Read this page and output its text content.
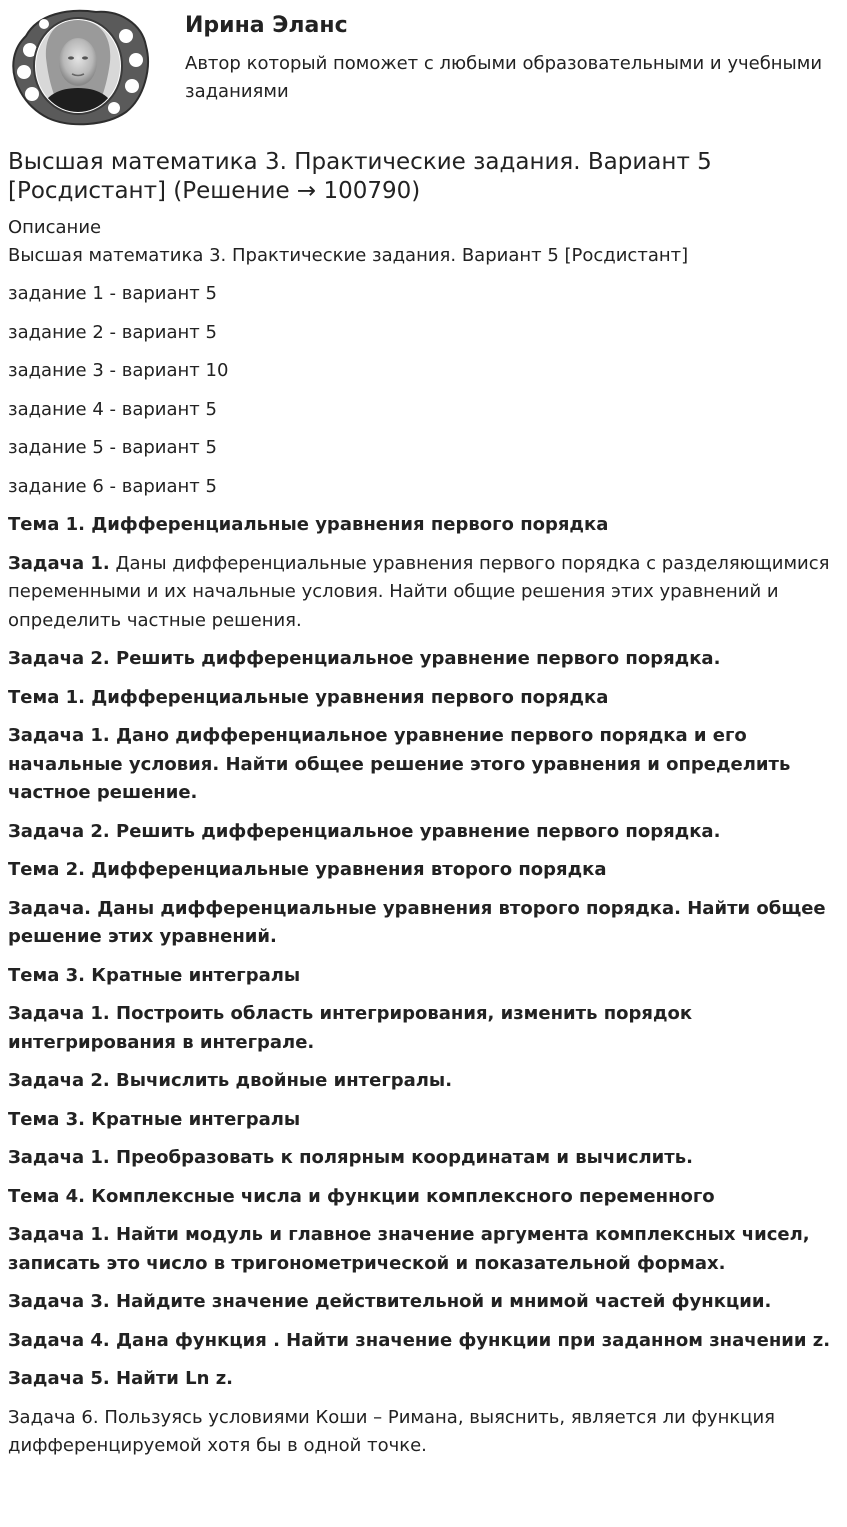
Ирина Эланс
Автор который поможет с любыми образовательными и учебными заданиями
Высшая математика 3. Практические задания. Вариант 5 [Росдистант] (Решение → 100790)
Описание
Высшая математика 3. Практические задания. Вариант 5 [Росдистант]

задание 1 - вариант 5

задание 2 - вариант 5

задание 3 - вариант 10

задание 4 - вариант 5

задание 5 - вариант 5

задание 6 - вариант 5

Тема 1. Дифференциальные уравнения первого порядка

Задача 1. Даны дифференциальные уравнения первого порядка с разделяющимися переменными и их начальные условия. Найти общие решения этих уравнений и определить частные решения.

Задача 2. Решить дифференциальное уравнение первого порядка.

Тема 1. Дифференциальные уравнения первого порядка

Задача 1. Дано дифференциальное уравнение первого порядка и его начальные условия. Найти общее решение этого уравнения и определить частное решение.

Задача 2. Решить дифференциальное уравнение первого порядка.

Тема 2. Дифференциальные уравнения второго порядка

Задача. Даны дифференциальные уравнения второго порядка. Найти общее решение этих уравнений.

Тема 3. Кратные интегралы

Задача 1. Построить область интегрирования, изменить порядок интегрирования в интеграле.

Задача 2. Вычислить двойные интегралы.

Тема 3. Кратные интегралы

Задача 1. Преобразовать к полярным координатам и вычислить.

Тема 4. Комплексные числа и функции комплексного переменного

Задача 1. Найти модуль и главное значение аргумента комплексных чисел, записать это число в тригонометрической и показательной формах.

Задача 3. Найдите значение действительной и мнимой частей функции.

Задача 4. Дана функция . Найти значение функции при заданном значении z.

Задача 5. Найти Ln z.

Задача 6. Пользуясь условиями Коши – Римана, выяснить, является ли функция дифференцируемой хотя бы в одной точке.
